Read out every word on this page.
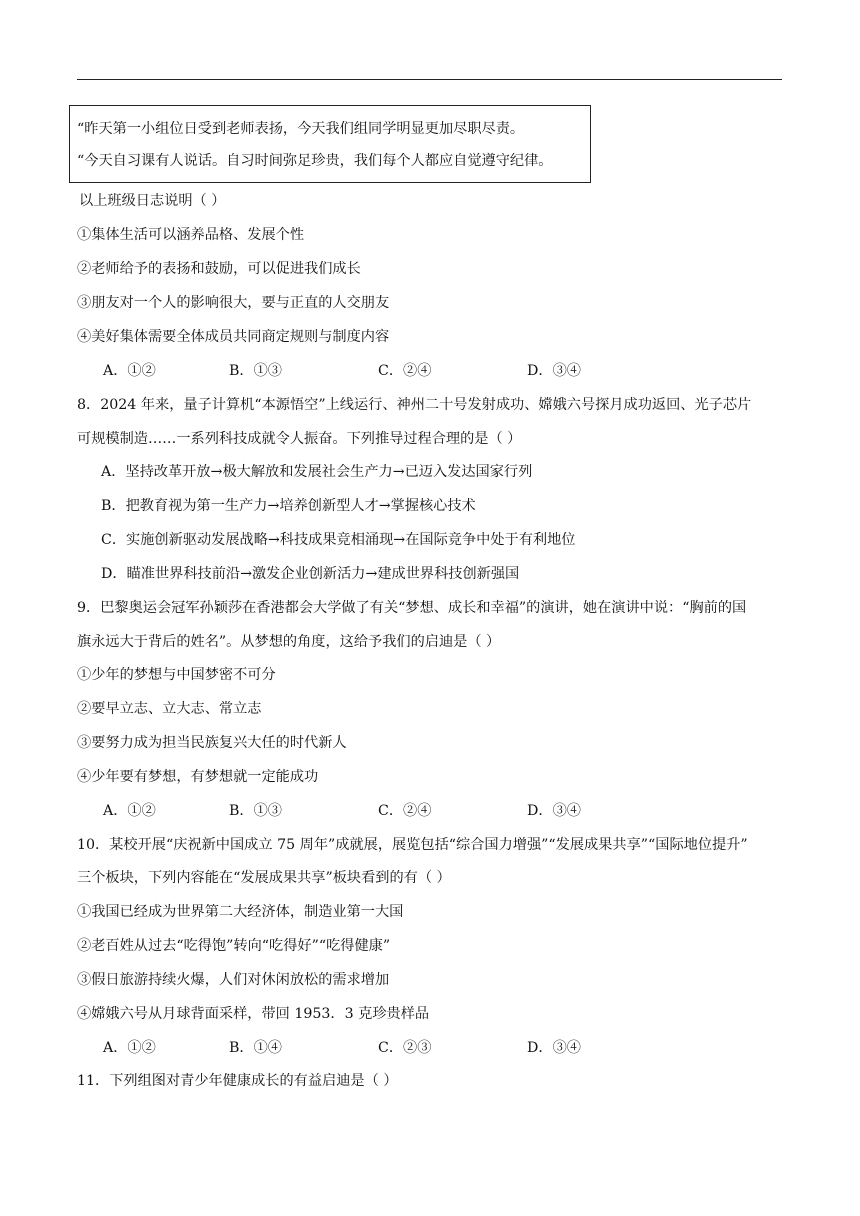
“昨天第一小组位日受到老师表扬，今天我们组同学明显更加尽职尽责。
“今天自习课有人说话。自习时间弥足珍贵，我们每个人都应自觉遵守纪律。
以上班级日志说明（ ）
①集体生活可以涵养品格、发展个性
②老师给予的表扬和鼓励，可以促进我们成长
③朋友对一个人的影响很大，要与正直的人交朋友
④美好集体需要全体成员共同商定规则与制度内容
A．①②	B．①③	C．②④	D．③④
8．2024 年来，量子计算机“本源悟空”上线运行、神州二十号发射成功、嫦娥六号探月成功返回、光子芯片
可规模制造……一系列科技成就令人振奋。下列推导过程合理的是（ ）
A．坚持改革开放→极大解放和发展社会生产力→已迈入发达国家行列
B．把教育视为第一生产力→培养创新型人才→掌握核心技术
C．实施创新驱动发展战略→科技成果竞相涌现→在国际竞争中处于有利地位
D．瞄准世界科技前沿→激发企业创新活力→建成世界科技创新强国
9．巴黎奥运会冠军孙颖莎在香港都会大学做了有关“梦想、成长和幸福”的演讲，她在演讲中说：“胸前的国
旗永远大于背后的姓名”。从梦想的角度，这给予我们的启迪是（ ）
①少年的梦想与中国梦密不可分
②要早立志、立大志、常立志
③要努力成为担当民族复兴大任的时代新人
④少年要有梦想，有梦想就一定能成功
A．①②	B．①③	C．②④	D．③④
10．某校开展“庆祝新中国成立 75 周年”成就展，展览包括“综合国力增强”“发展成果共享”“国际地位提升”
三个板块，下列内容能在“发展成果共享”板块看到的有（ ）
①我国已经成为世界第二大经济体，制造业第一大国
②老百姓从过去“吃得饱”转向“吃得好”“吃得健康”
③假日旅游持续火爆，人们对休闲放松的需求增加
④嫦娥六号从月球背面采样，带回 1953．3 克珍贵样品
A．①②	B．①④	C．②③	D．③④
11．下列组图对青少年健康成长的有益启迪是（ ）
